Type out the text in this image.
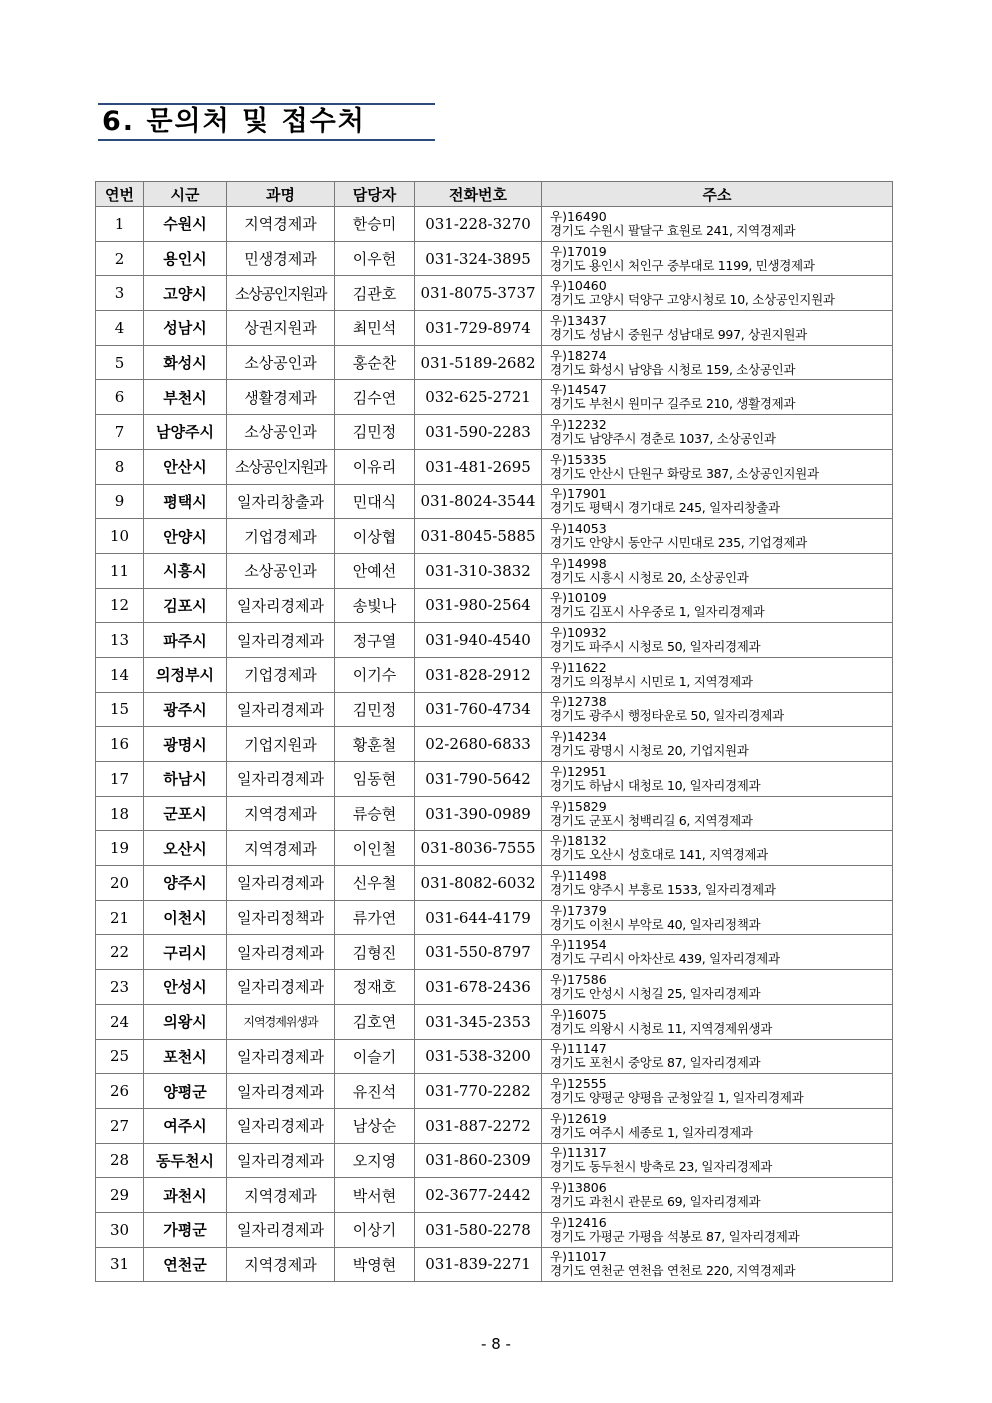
6. 문의처 및 접수처
연번	시군	과명	담당자	전화번호	주소
1	수원시	지역경제과	한승미	031-228-3270	우)16490
경기도 수원시 팔달구 효원로 241, 지역경제과

2	용인시	민생경제과	이우헌	031-324-3895	우)17019
경기도 용인시 처인구 중부대로 1199, 민생경제과

3	고양시	소상공인지원과	김관호	031-8075-3737	우)10460
경기도 고양시 덕양구 고양시청로 10, 소상공인지원과

4	성남시	상권지원과	최민석	031-729-8974	우)13437
경기도 성남시 중원구 성남대로 997, 상권지원과

5	화성시	소상공인과	홍순찬	031-5189-2682	우)18274
경기도 화성시 남양읍 시청로 159, 소상공인과

6	부천시	생활경제과	김수연	032-625-2721	우)14547
경기도 부천시 원미구 길주로 210, 생활경제과

7	남양주시	소상공인과	김민정	031-590-2283	우)12232
경기도 남양주시 경춘로 1037, 소상공인과

8	안산시	소상공인지원과	이유리	031-481-2695	우)15335
경기도 안산시 단원구 화랑로 387, 소상공인지원과

9	평택시	일자리창출과	민대식	031-8024-3544	우)17901
경기도 평택시 경기대로 245, 일자리창출과

10	안양시	기업경제과	이상협	031-8045-5885	우)14053
경기도 안양시 동안구 시민대로 235, 기업경제과

11	시흥시	소상공인과	안예선	031-310-3832	우)14998
경기도 시흥시 시청로 20, 소상공인과

12	김포시	일자리경제과	송빛나	031-980-2564	우)10109
경기도 김포시 사우중로 1, 일자리경제과

13	파주시	일자리경제과	정구열	031-940-4540	우)10932
경기도 파주시 시청로 50, 일자리경제과

14	의정부시	기업경제과	이기수	031-828-2912	우)11622
경기도 의정부시 시민로 1, 지역경제과

15	광주시	일자리경제과	김민정	031-760-4734	우)12738
경기도 광주시 행정타운로 50, 일자리경제과

16	광명시	기업지원과	황훈철	02-2680-6833	우)14234
경기도 광명시 시청로 20, 기업지원과

17	하남시	일자리경제과	임동현	031-790-5642	우)12951
경기도 하남시 대청로 10, 일자리경제과

18	군포시	지역경제과	류승현	031-390-0989	우)15829
경기도 군포시 청백리길 6, 지역경제과

19	오산시	지역경제과	이인철	031-8036-7555	우)18132
경기도 오산시 성호대로 141, 지역경제과

20	양주시	일자리경제과	신우철	031-8082-6032	우)11498
경기도 양주시 부흥로 1533, 일자리경제과

21	이천시	일자리정책과	류가연	031-644-4179	우)17379
경기도 이천시 부악로 40, 일자리정책과

22	구리시	일자리경제과	김형진	031-550-8797	우)11954
경기도 구리시 아차산로 439, 일자리경제과

23	안성시	일자리경제과	정재호	031-678-2436	우)17586
경기도 안성시 시청길 25, 일자리경제과

24	의왕시	지역경제위생과	김호연	031-345-2353	우)16075
경기도 의왕시 시청로 11, 지역경제위생과

25	포천시	일자리경제과	이슬기	031-538-3200	우)11147
경기도 포천시 중앙로 87, 일자리경제과

26	양평군	일자리경제과	유진석	031-770-2282	우)12555
경기도 양평군 양평읍 군청앞길 1, 일자리경제과

27	여주시	일자리경제과	남상순	031-887-2272	우)12619
경기도 여주시 세종로 1, 일자리경제과

28	동두천시	일자리경제과	오지영	031-860-2309	우)11317
경기도 동두천시 방축로 23, 일자리경제과

29	과천시	지역경제과	박서현	02-3677-2442	우)13806
경기도 과천시 관문로 69, 일자리경제과

30	가평군	일자리경제과	이상기	031-580-2278	우)12416
경기도 가평군 가평읍 석봉로 87, 일자리경제과

31	연천군	지역경제과	박영현	031-839-2271	우)11017
경기도 연천군 연천읍 연천로 220, 지역경제과
- 8 -
